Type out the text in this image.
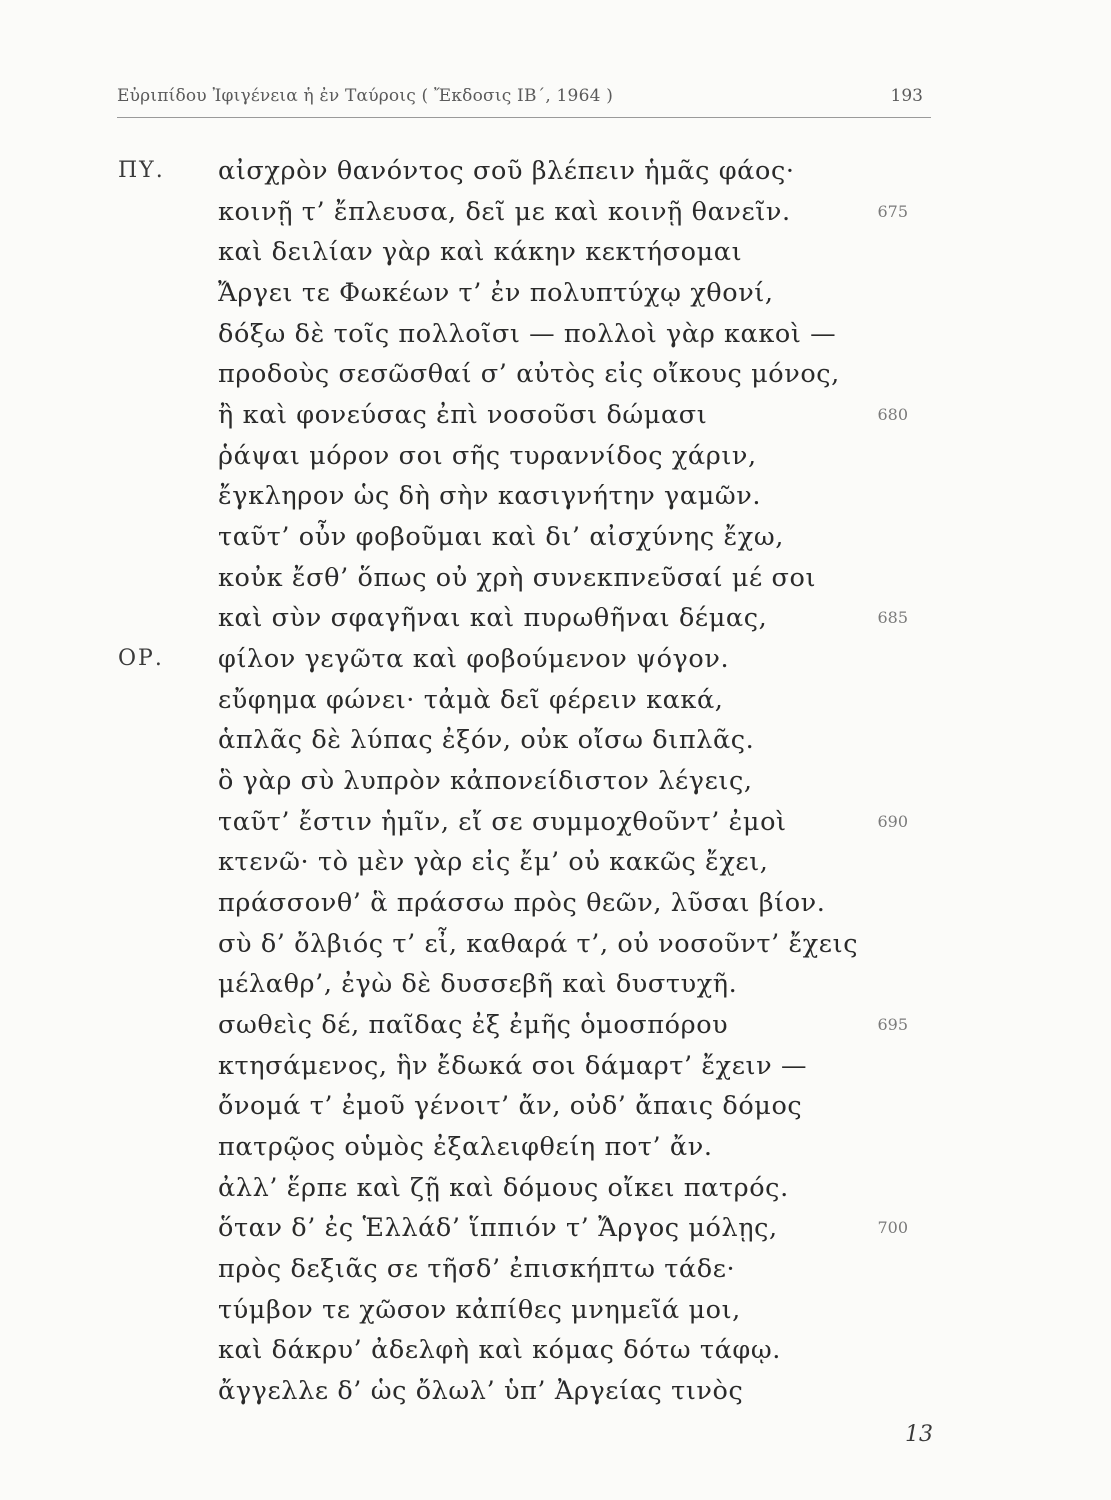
Εὐριπίδου Ἰφιγένεια ἡ ἐν Ταύροις ( Ἔκδοσις ΙΒ΄, 1964 )	193
ΠΥ.
ΟΡ.
αἰσχρὸν θανόντος σοῦ βλέπειν ἡμᾶς φάος·
κοινῇ τ’ ἔπλευσα, δεῖ με καὶ κοινῇ θανεῖν.
καὶ δειλίαν γὰρ καὶ κάκην κεκτήσομαι
Ἄργει τε Φωκέων τ’ ἐν πολυπτύχῳ χθονί,
δόξω δὲ τοῖς πολλοῖσι — πολλοὶ γὰρ κακοὶ —
προδοὺς σεσῶσθαί σ’ αὐτὸς εἰς οἴκους μόνος,
ἢ καὶ φονεύσας ἐπὶ νοσοῦσι δώμασι
ῥάψαι μόρον σοι σῆς τυραννίδος χάριν,
ἔγκληρον ὡς δὴ σὴν κασιγνήτην γαμῶν.
ταῦτ’ οὖν φοβοῦμαι καὶ δι’ αἰσχύνης ἔχω,
κοὐκ ἔσθ’ ὅπως οὐ χρὴ συνεκπνεῦσαί μέ σοι
καὶ σὺν σφαγῆναι καὶ πυρωθῆναι δέμας,
φίλον γεγῶτα καὶ φοβούμενον ψόγον.
εὔφημα φώνει· τἀμὰ δεῖ φέρειν κακά,
ἁπλᾶς δὲ λύπας ἐξόν, οὐκ οἴσω διπλᾶς.
ὃ γὰρ σὺ λυπρὸν κἀπονείδιστον λέγεις,
ταῦτ’ ἔστιν ἡμῖν, εἴ σε συμμοχθοῦντ’ ἐμοὶ
κτενῶ· τὸ μὲν γὰρ εἰς ἔμ’ οὐ κακῶς ἔχει,
πράσσονθ’ ἃ πράσσω πρὸς θεῶν, λῦσαι βίον.
σὺ δ’ ὄλβιός τ’ εἶ, καθαρά τ’, οὐ νοσοῦντ’ ἔχεις
μέλαθρ’, ἐγὼ δὲ δυσσεβῆ καὶ δυστυχῆ.
σωθεὶς δέ, παῖδας ἐξ ἐμῆς ὁμοσπόρου
κτησάμενος, ἣν ἔδωκά σοι δάμαρτ’ ἔχειν —
ὄνομά τ’ ἐμοῦ γένοιτ’ ἄν, οὐδ’ ἄπαις δόμος
πατρῷος οὑμὸς ἐξαλειφθείη ποτ’ ἄν.
ἀλλ’ ἕρπε καὶ ζῇ καὶ δόμους οἴκει πατρός.
ὅταν δ’ ἐς Ἑλλάδ’ ἵππιόν τ’ Ἄργος μόλῃς,
πρὸς δεξιᾶς σε τῆσδ’ ἐπισκήπτω τάδε·
τύμβον τε χῶσον κἀπίθες μνημεῖά μοι,
καὶ δάκρυ’ ἀδελφὴ καὶ κόμας δότω τάφῳ.
ἄγγελλε δ’ ὡς ὄλωλ’ ὑπ’ Ἀργείας τινὸς
675
680
685
690
695
700
13
